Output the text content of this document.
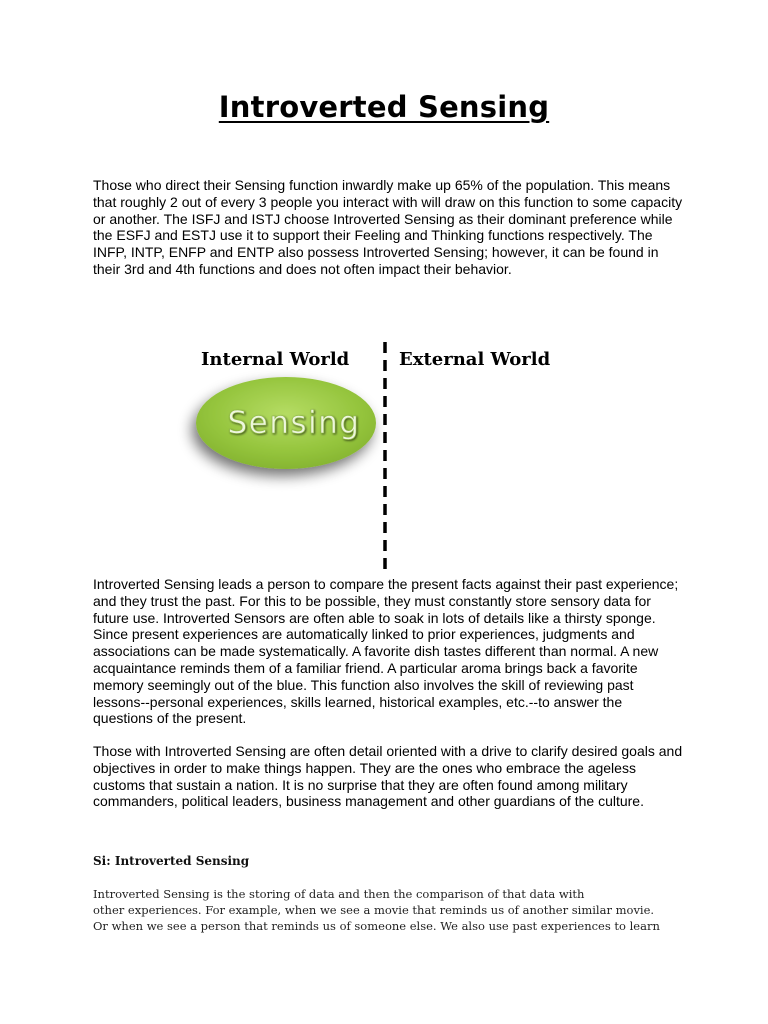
Introverted Sensing

Those who direct their Sensing function inwardly make up 65% of the population. This means that roughly 2 out of every 3 people you interact with will draw on this function to some capacity or another. The ISFJ and ISTJ choose Introverted Sensing as their dominant preference while the ESFJ and ESTJ use it to support their Feeling and Thinking functions respectively. The INFP, INTP, ENFP and ENTP also possess Introverted Sensing; however, it can be found in their 3rd and 4th functions and does not often impact their behavior.

Internal World	External World
Sensing

Introverted Sensing leads a person to compare the present facts against their past experience; and they trust the past. For this to be possible, they must constantly store sensory data for future use. Introverted Sensors are often able to soak in lots of details like a thirsty sponge. Since present experiences are automatically linked to prior experiences, judgments and associations can be made systematically. A favorite dish tastes different than normal. A new acquaintance reminds them of a familiar friend. A particular aroma brings back a favorite memory seemingly out of the blue. This function also involves the skill of reviewing past lessons--personal experiences, skills learned, historical examples, etc.--to answer the questions of the present.

Those with Introverted Sensing are often detail oriented with a drive to clarify desired goals and objectives in order to make things happen. They are the ones who embrace the ageless customs that sustain a nation. It is no surprise that they are often found among military commanders, political leaders, business management and other guardians of the culture.

Si: Introverted Sensing
Introverted Sensing is the storing of data and then the comparison of that data with
other experiences. For example, when we see a movie that reminds us of another similar movie.
Or when we see a person that reminds us of someone else. We also use past experiences to learn
